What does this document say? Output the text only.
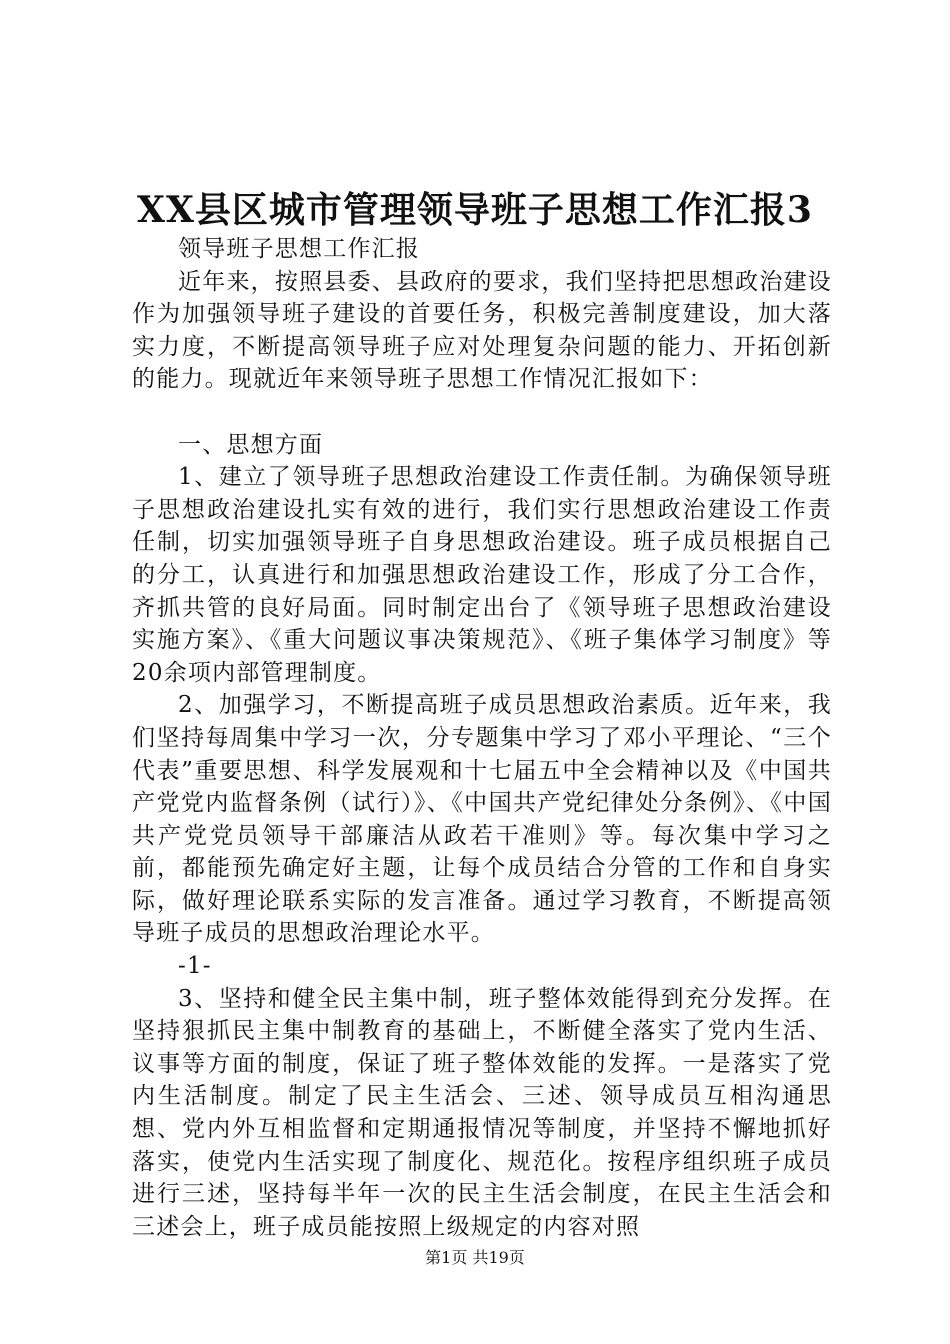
XX县区城市管理领导班子思想工作汇报3

领导班子思想工作汇报

近年来，按照县委、县政府的要求，我们坚持把思想政治建设作为加强领导班子建设的首要任务，积极完善制度建设，加大落实力度，不断提高领导班子应对处理复杂问题的能力、开拓创新的能力。现就近年来领导班子思想工作情况汇报如下：

一、思想方面

1、建立了领导班子思想政治建设工作责任制。为确保领导班子思想政治建设扎实有效的进行，我们实行思想政治建设工作责任制，切实加强领导班子自身思想政治建设。班子成员根据自己的分工，认真进行和加强思想政治建设工作，形成了分工合作，齐抓共管的良好局面。同时制定出台了《领导班子思想政治建设实施方案》、《重大问题议事决策规范》、《班子集体学习制度》等20余项内部管理制度。

2、加强学习，不断提高班子成员思想政治素质。近年来，我们坚持每周集中学习一次，分专题集中学习了邓小平理论、“三个代表”重要思想、科学发展观和十七届五中全会精神以及《中国共产党党内监督条例（试行）》、《中国共产党纪律处分条例》、《中国共产党党员领导干部廉洁从政若干准则》等。每次集中学习之前，都能预先确定好主题，让每个成员结合分管的工作和自身实际，做好理论联系实际的发言准备。通过学习教育，不断提高领导班子成员的思想政治理论水平。

-1-

3、坚持和健全民主集中制，班子整体效能得到充分发挥。在坚持狠抓民主集中制教育的基础上，不断健全落实了党内生活、议事等方面的制度，保证了班子整体效能的发挥。一是落实了党内生活制度。制定了民主生活会、三述、领导成员互相沟通思想、党内外互相监督和定期通报情况等制度，并坚持不懈地抓好落实，使党内生活实现了制度化、规范化。按程序组织班子成员进行三述，坚持每半年一次的民主生活会制度，在民主生活会和三述会上，班子成员能按照上级规定的内容对照

第1页 共19页
